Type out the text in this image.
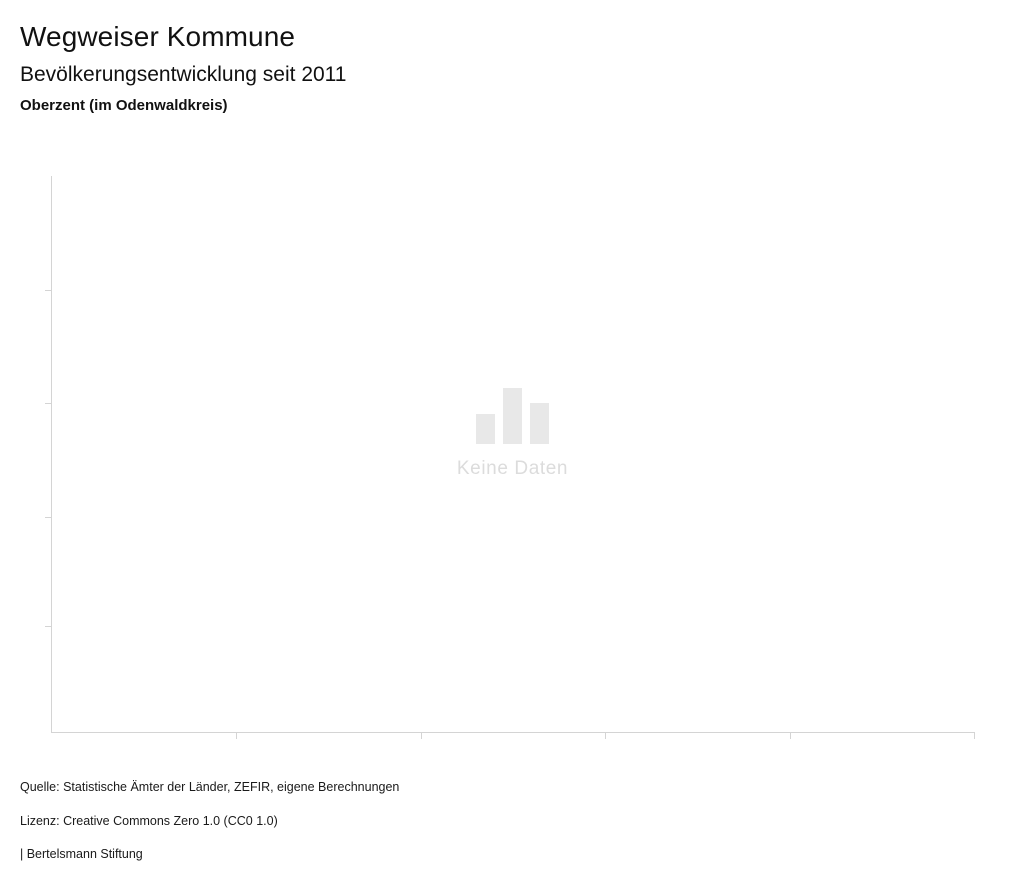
Wegweiser Kommune
Bevölkerungsentwicklung seit 2011
Oberzent (im Odenwaldkreis)
Keine Daten
Quelle: Statistische Ämter der Länder, ZEFIR, eigene Berechnungen
Lizenz: Creative Commons Zero 1.0 (CC0 1.0)
| Bertelsmann Stiftung
